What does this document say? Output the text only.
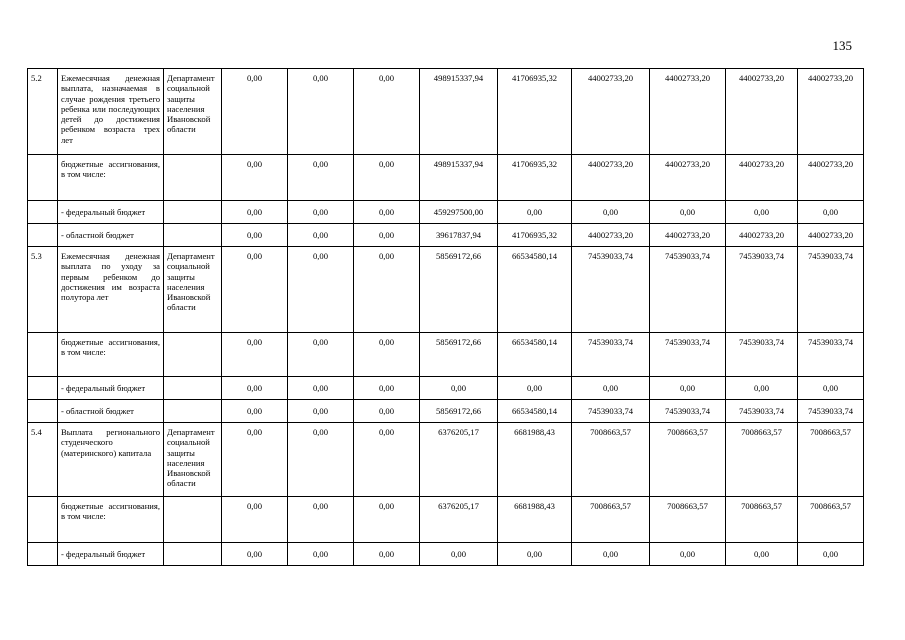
135
5.2	Ежемесячная денежная выплата, назначаемая в случае рождения третьего ребенка или последующих детей до достижения ребенком возраста трех лет	Департамент социальной защиты населения Ивановской области	0,00	0,00	0,00	498915337,94	41706935,32	44002733,20	44002733,20	44002733,20	44002733,20
	бюджетные ассигнования, в том числе:		0,00	0,00	0,00	498915337,94	41706935,32	44002733,20	44002733,20	44002733,20	44002733,20
	- федеральный бюджет		0,00	0,00	0,00	459297500,00	0,00	0,00	0,00	0,00	0,00
	- областной бюджет		0,00	0,00	0,00	39617837,94	41706935,32	44002733,20	44002733,20	44002733,20	44002733,20
5.3	Ежемесячная денежная выплата по уходу за первым ребенком до достижения им возраста полутора лет	Департамент социальной защиты населения Ивановской области	0,00	0,00	0,00	58569172,66	66534580,14	74539033,74	74539033,74	74539033,74	74539033,74
	бюджетные ассигнования, в том числе:		0,00	0,00	0,00	58569172,66	66534580,14	74539033,74	74539033,74	74539033,74	74539033,74
	- федеральный бюджет		0,00	0,00	0,00	0,00	0,00	0,00	0,00	0,00	0,00
	- областной бюджет		0,00	0,00	0,00	58569172,66	66534580,14	74539033,74	74539033,74	74539033,74	74539033,74
5.4	Выплата регионального студенческого (материнского) капитала	Департамент социальной защиты населения Ивановской области	0,00	0,00	0,00	6376205,17	6681988,43	7008663,57	7008663,57	7008663,57	7008663,57
	бюджетные ассигнования, в том числе:		0,00	0,00	0,00	6376205,17	6681988,43	7008663,57	7008663,57	7008663,57	7008663,57
	- федеральный бюджет		0,00	0,00	0,00	0,00	0,00	0,00	0,00	0,00	0,00
